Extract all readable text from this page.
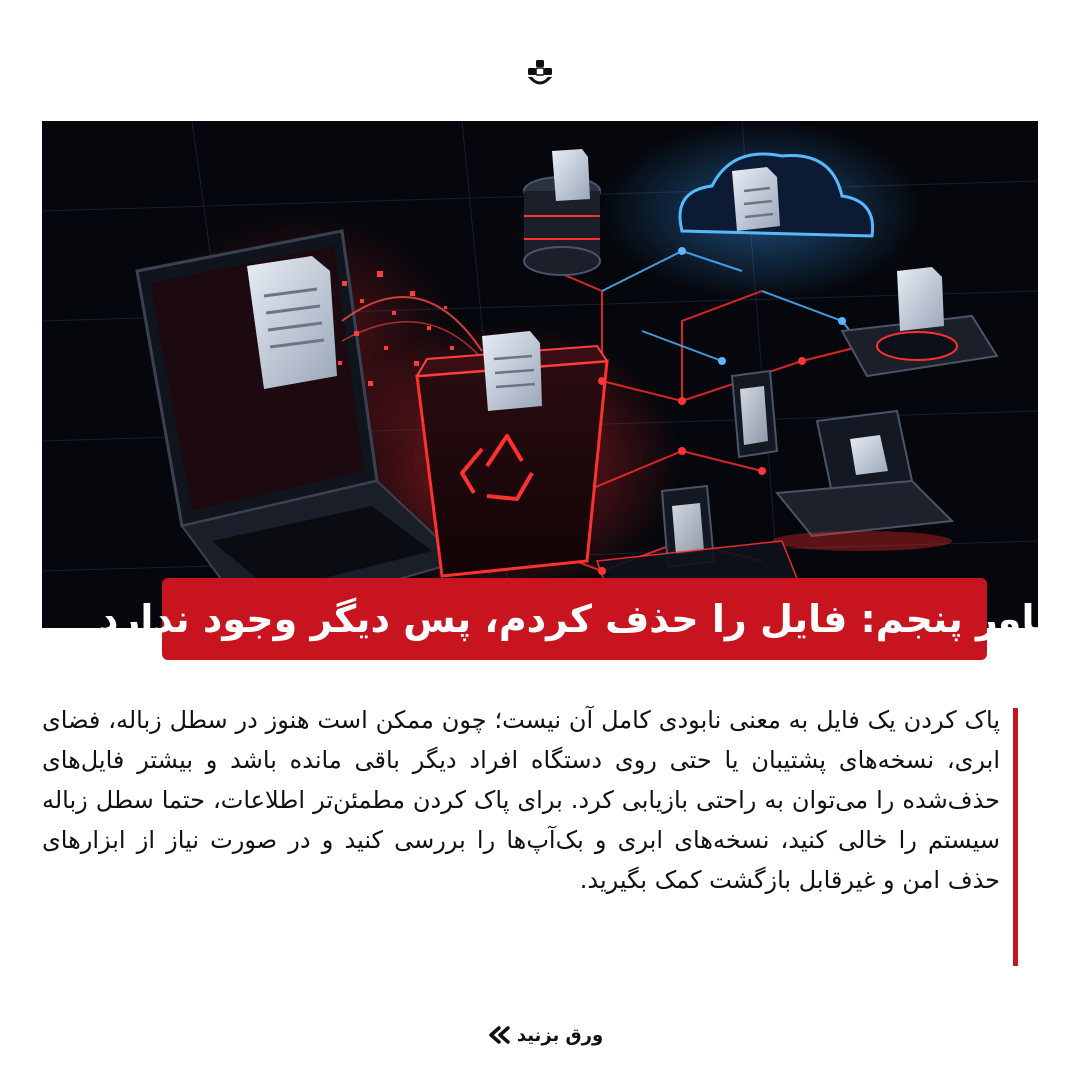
باور پنجم: فایل را حذف کردم، پس دیگر وجود ندارد
پاک کردن یک فایل به معنی نابودی کامل آن نیست؛ چون ممکن است هنوز در سطل زباله، فضای ابری، نسخه‌های پشتیبان یا حتی روی دستگاه افراد دیگر باقی مانده باشد و بیشتر فایل‌های حذف‌شده را می‌توان به راحتی بازیابی کرد. برای پاک کردن مطمئن‌تر اطلاعات، حتما سطل زباله سیستم را خالی کنید، نسخه‌های ابری و بک‌آپ‌ها را بررسی کنید و در صورت نیاز از ابزارهای حذف امن و غیرقابل بازگشت کمک بگیرید.
ورق بزنید
